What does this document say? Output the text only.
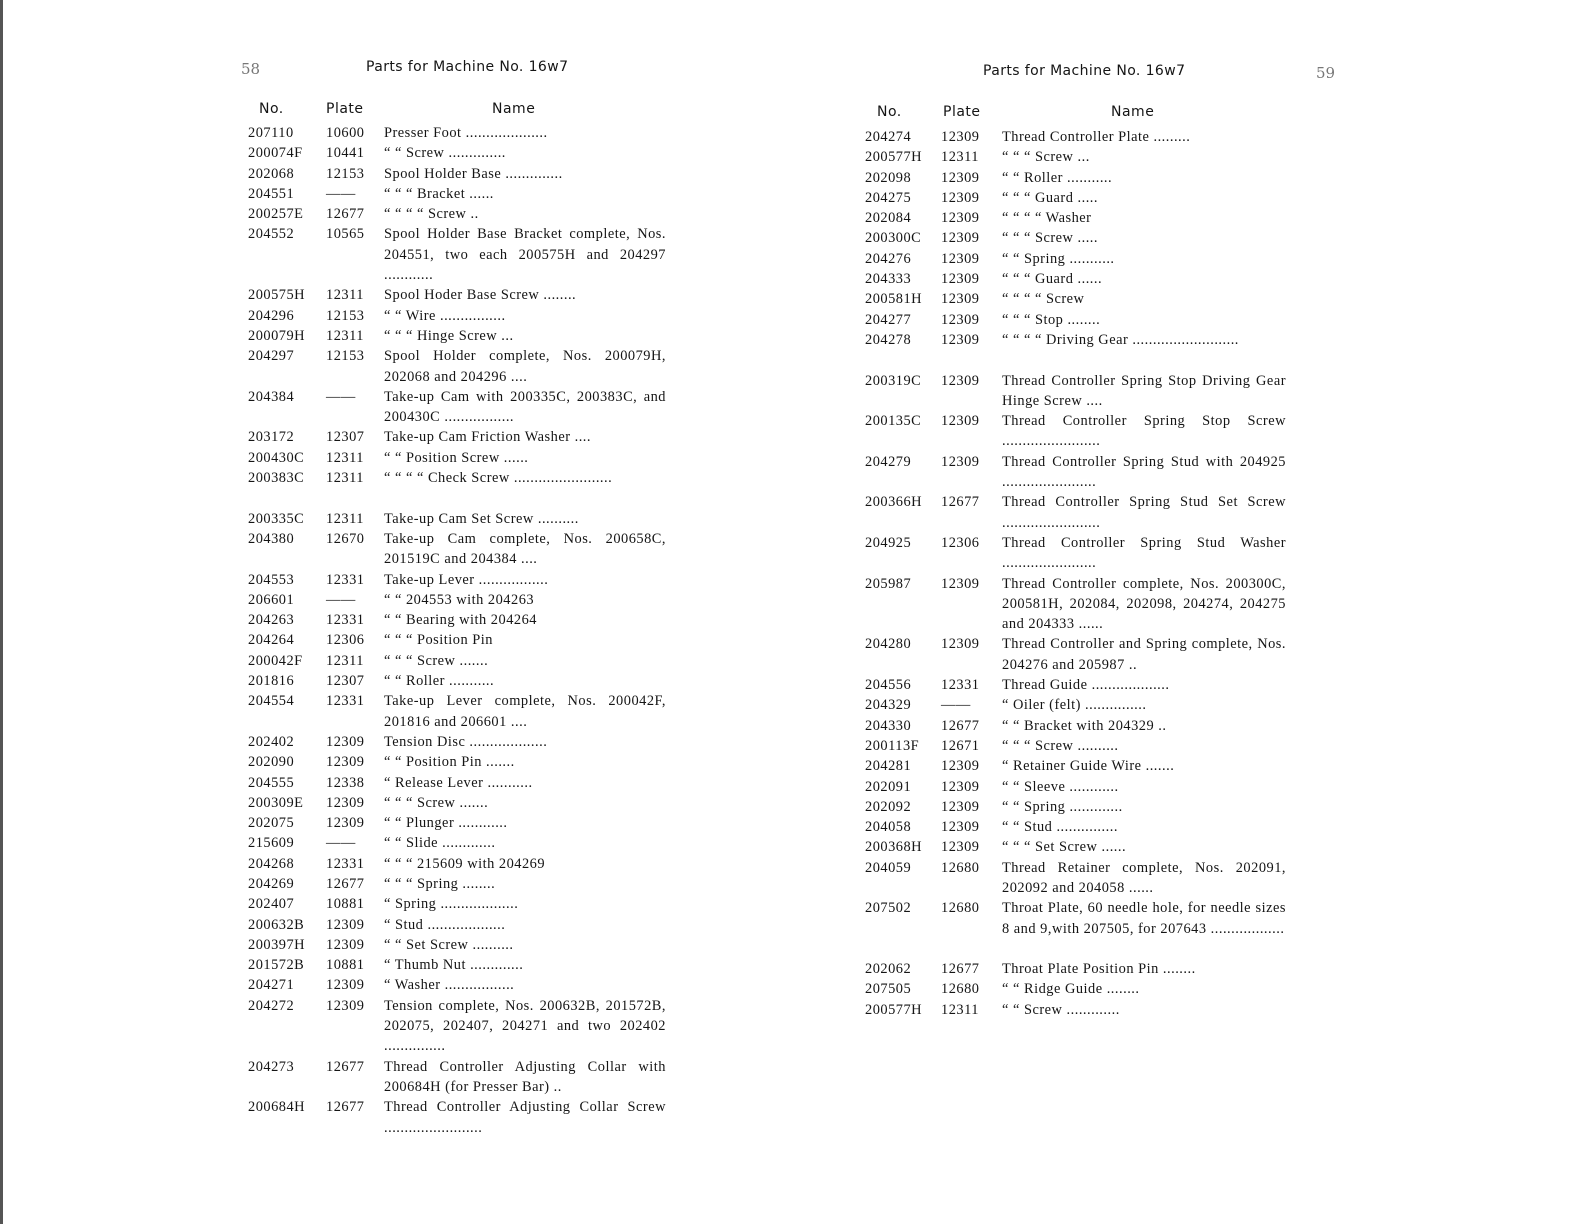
58	Parts for Machine No. 16w7
No.	Plate	Name
207110 10600 Presser Foot ....................
200074F 10441 “ “ Screw ..............
202068 12153 Spool Holder Base ..............
204551 —— “ “ “ Bracket ......
200257E 12677 “ “ “ “ Screw ..
204552 10565 Spool Holder Base Bracket complete, Nos. 204551, two each 200575H and 204297 ............
200575H 12311 Spool Hoder Base Screw ........
204296 12153 “ “ Wire ................
200079H 12311 “ “ “ Hinge Screw ...
204297 12153 Spool Holder complete, Nos. 200079H, 202068 and 204296 ....
204384 —— Take-up Cam with 200335C, 200383C, and 200430C .................
203172 12307 Take-up Cam Friction Washer ....
200430C 12311 “ “ Position Screw ......
200383C 12311 “ “ “ “ Check Screw ........................
200335C 12311 Take-up Cam Set Screw ..........
204380 12670 Take-up Cam complete, Nos. 200658C, 201519C and 204384 ....
204553 12331 Take-up Lever .................
206601 —— “ “ 204553 with 204263
204263 12331 “ “ Bearing with 204264
204264 12306 “ “ “ Position Pin
200042F 12311 “ “ “ Screw .......
201816 12307 “ “ Roller ...........
204554 12331 Take-up Lever complete, Nos. 200042F, 201816 and 206601 ....
202402 12309 Tension Disc ...................
202090 12309 “ “ Position Pin .......
204555 12338 “ Release Lever ...........
200309E 12309 “ “ “ Screw .......
202075 12309 “ “ Plunger ............
215609 —— “ “ Slide .............
204268 12331 “ “ “ 215609 with 204269
204269 12677 “ “ “ Spring ........
202407 10881 “ Spring ...................
200632B 12309 “ Stud ...................
200397H 12309 “ “ Set Screw ..........
201572B 10881 “ Thumb Nut .............
204271 12309 “ Washer .................
204272 12309 Tension complete, Nos. 200632B, 201572B, 202075, 202407, 204271 and two 202402 ...............
204273 12677 Thread Controller Adjusting Collar with 200684H (for Presser Bar) ..
200684H 12677 Thread Controller Adjusting Collar Screw ........................
Parts for Machine No. 16w7	59
No.	Plate	Name
204274 12309 Thread Controller Plate .........
200577H 12311 “ “ “ Screw ...
202098 12309 “ “ Roller ...........
204275 12309 “ “ “ Guard .....
202084 12309 “ “ “ “ Washer
200300C 12309 “ “ “ Screw .....
204276 12309 “ “ Spring ...........
204333 12309 “ “ “ Guard ......
200581H 12309 “ “ “ “ Screw
204277 12309 “ “ “ Stop ........
204278 12309 “ “ “ “ Driving Gear ..........................
200319C 12309 Thread Controller Spring Stop Driving Gear Hinge Screw ....
200135C 12309 Thread Controller Spring Stop Screw ........................
204279 12309 Thread Controller Spring Stud with 204925 .......................
200366H 12677 Thread Controller Spring Stud Set Screw ........................
204925 12306 Thread Controller Spring Stud Washer .......................
205987 12309 Thread Controller complete, Nos. 200300C, 200581H, 202084, 202098, 204274, 204275 and 204333 ......
204280 12309 Thread Controller and Spring complete, Nos. 204276 and 205987 ..
204556 12331 Thread Guide ...................
204329 —— “ Oiler (felt) ...............
204330 12677 “ “ Bracket with 204329 ..
200113F 12671 “ “ “ Screw ..........
204281 12309 “ Retainer Guide Wire .......
202091 12309 “ “ Sleeve ............
202092 12309 “ “ Spring .............
204058 12309 “ “ Stud ...............
200368H 12309 “ “ “ Set Screw ......
204059 12680 Thread Retainer complete, Nos. 202091, 202092 and 204058 ......
207502 12680 Throat Plate, 60 needle hole, for needle sizes 8 and 9,with 207505, for 207643 ..................
202062 12677 Throat Plate Position Pin ........
207505 12680 “ “ Ridge Guide ........
200577H 12311 “ “ Screw .............
